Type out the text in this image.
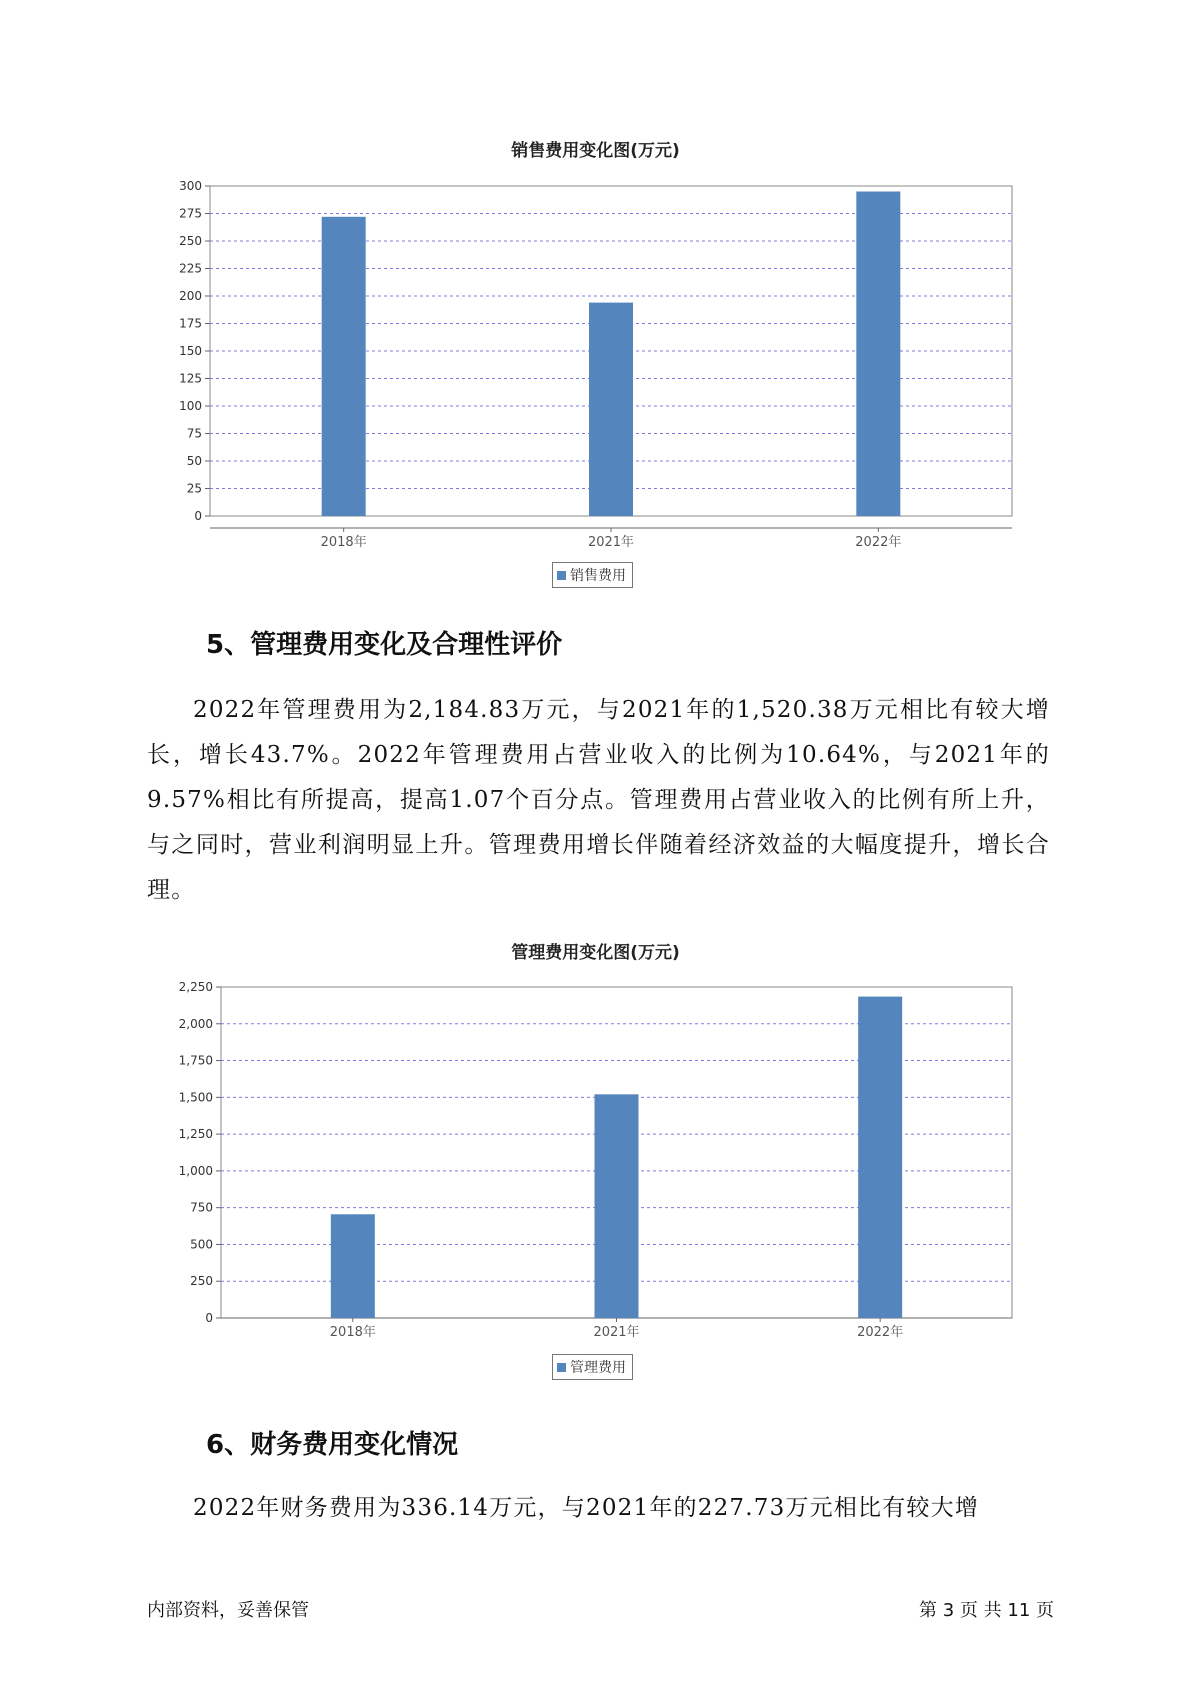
销售费用变化图(万元)
0
25
50
75
100
125
150
175
200
225
250
275
300
2018年	2021年	2022年
销售费用
5、管理费用变化及合理性评价

2022年管理费用为2,184.83万元，与2021年的1,520.38万元相比有较大增长，增长43.7%。2022年管理费用占营业收入的比例为10.64%，与2021年的9.57%相比有所提高，提高1.07个百分点。管理费用占营业收入的比例有所上升，与之同时，营业利润明显上升。管理费用增长伴随着经济效益的大幅度提升，增长合理。

管理费用变化图(万元)
0
250
500
750
1,000
1,250
1,500
1,750
2,000
2,250
2018年	2021年	2022年
管理费用
6、财务费用变化情况

2022年财务费用为336.14万元，与2021年的227.73万元相比有较大增

内部资料，妥善保管	第 3 页 共 11 页
